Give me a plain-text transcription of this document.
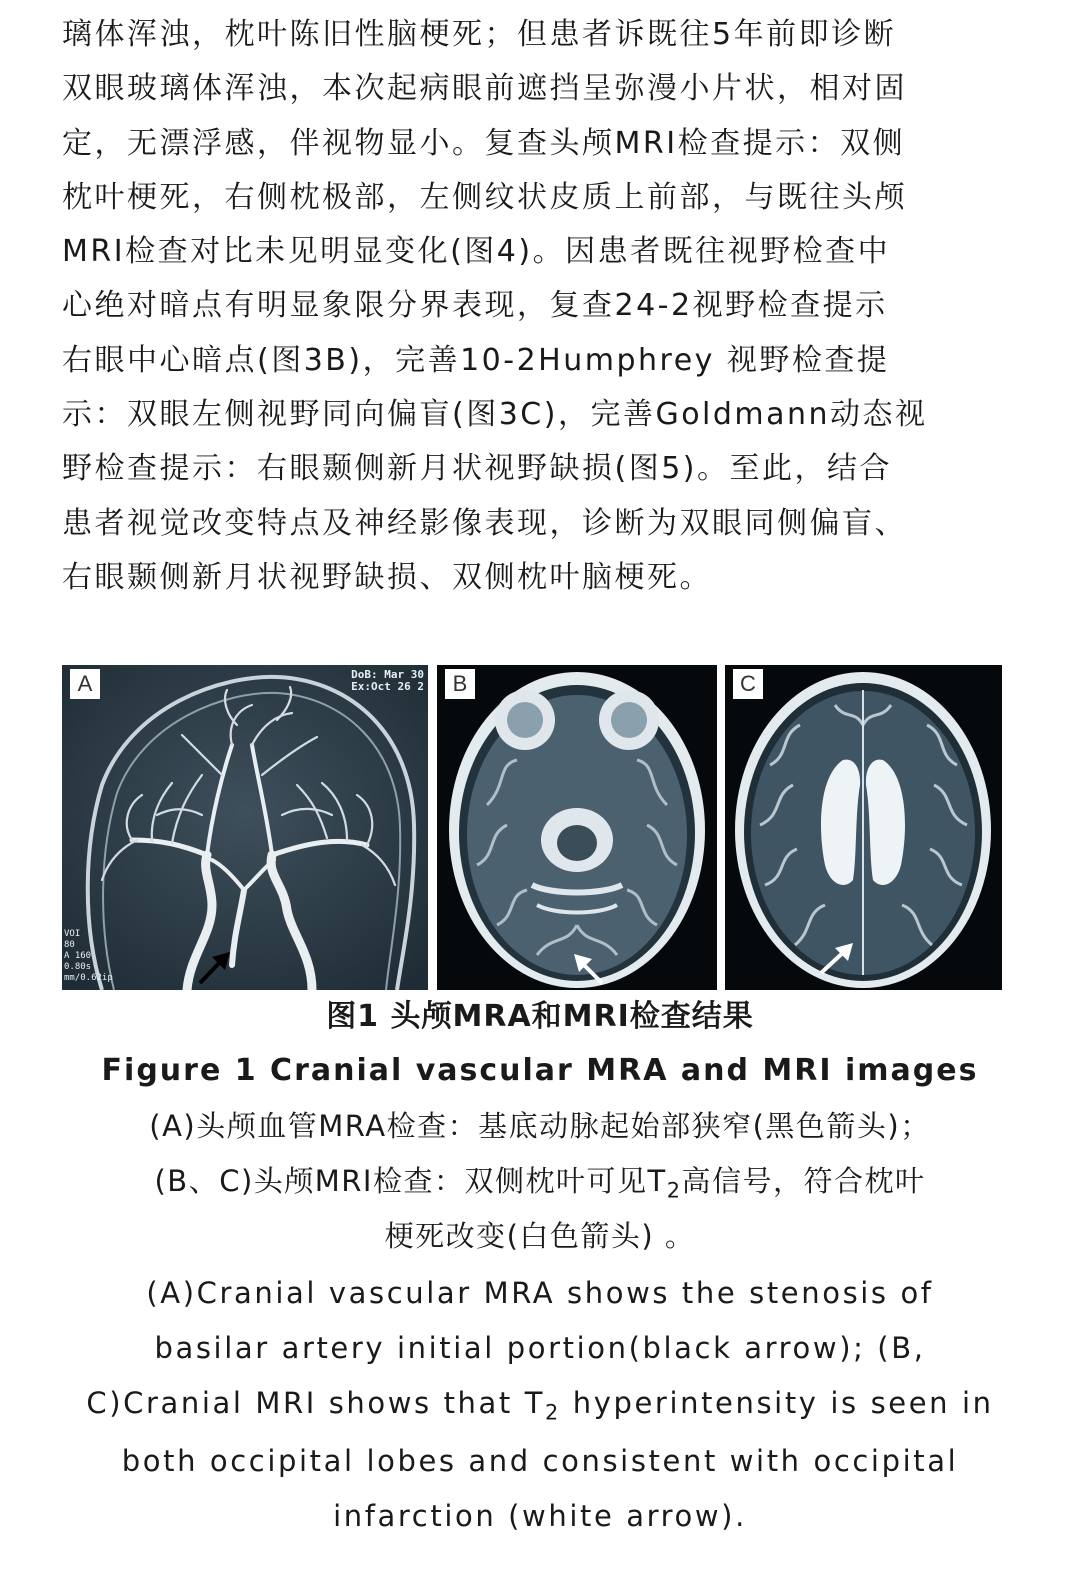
璃体浑浊，枕叶陈旧性脑梗死；但患者诉既往5年前即诊断
双眼玻璃体浑浊，本次起病眼前遮挡呈弥漫小片状，相对固
定，无漂浮感，伴视物显小。复查头颅MRI检查提示：双侧
枕叶梗死，右侧枕极部，左侧纹状皮质上前部，与既往头颅
MRI检查对比未见明显变化(图4)。因患者既往视野检查中
心绝对暗点有明显象限分界表现，复查24-2视野检查提示
右眼中心暗点(图3B)，完善10-2Humphrey 视野检查提
示：双眼左侧视野同向偏盲(图3C)，完善Goldmann动态视
野检查提示：右眼颞侧新月状视野缺损(图5)。至此，结合
患者视觉改变特点及神经影像表现，诊断为双眼同侧偏盲、
右眼颞侧新月状视野缺损、双侧枕叶脑梗死。
A	DoB: Mar 30
Ex:Oct 26 2
VOI
80
A 160
0.80s
mm/0.62ip
B	C
图1 头颅MRA和MRI检查结果
Figure 1 Cranial vascular MRA and MRI images
(A)头颅血管MRA检查：基底动脉起始部狭窄(黑色箭头)；
(B、C)头颅MRI检查：双侧枕叶可见$T_2$高信号，符合枕叶
梗死改变(白色箭头) 。
(A)Cranial vascular MRA shows the stenosis of
basilar artery initial portion(black arrow); (B,
C)Cranial MRI shows that $T_2$ hyperintensity is seen in
both occipital lobes and consistent with occipital
infarction (white arrow).
